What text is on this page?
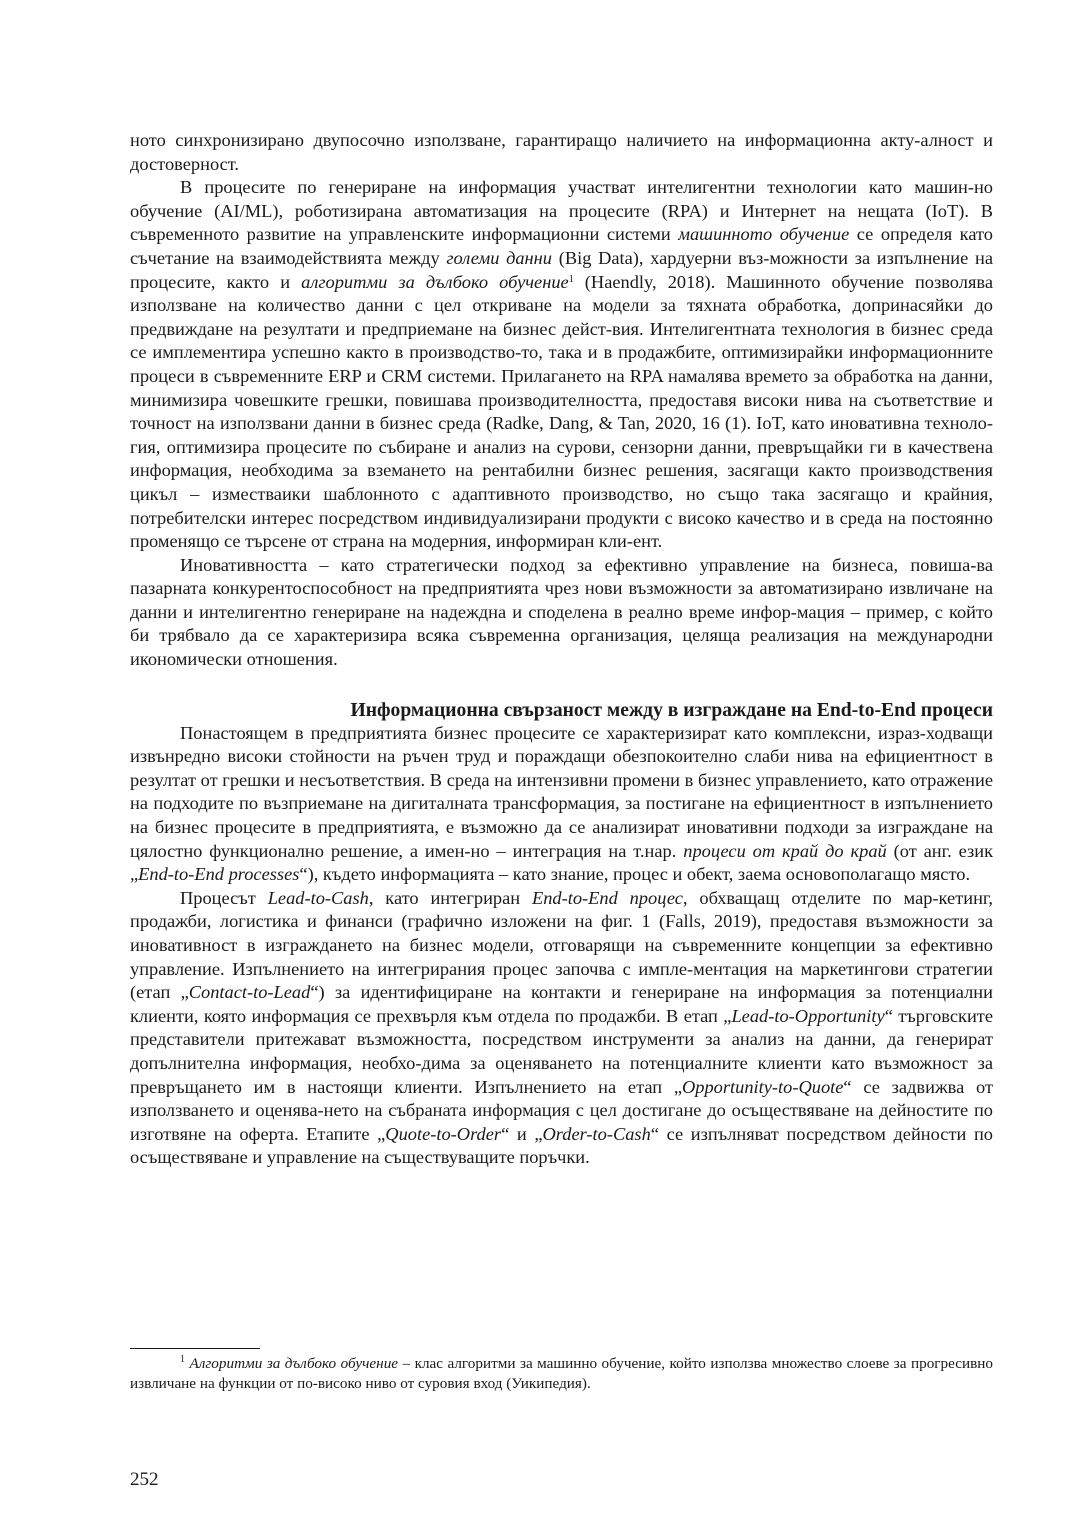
ното синхронизирано двупосочно използване, гарантиращо наличието на информационна акту-алност и достоверност.

В процесите по генериране на информация участват интелигентни технологии като машин-но обучение (AI/ML), роботизирана автоматизация на процесите (RPA) и Интернет на нещата (IoT). В съвременното развитие на управленските информационни системи машинното обучение се определя като съчетание на взаимодействията между големи данни (Big Data), хардуерни въз-можности за изпълнение на процесите, както и алгоритми за дълбоко обучение$^1$ (Haendly, 2018). Машинното обучение позволява използване на количество данни с цел откриване на модели за тяхната обработка, допринасяйки до предвиждане на резултати и предприемане на бизнес дейст-вия. Интелигентната технология в бизнес среда се имплементира успешно както в производство-то, така и в продажбите, оптимизирайки информационните процеси в съвременните ERP и CRM системи. Прилагането на RPA намалява времето за обработка на данни, минимизира човешките грешки, повишава производителността, предоставя високи нива на съответствие и точност на използвани данни в бизнес среда (Radke, Dang, & Tan, 2020, 16 (1). IoT, като иновативна техноло-гия, оптимизира процесите по събиране и анализ на сурови, сензорни данни, превръщайки ги в качествена информация, необходима за вземането на рентабилни бизнес решения, засягащи както производствения цикъл – изместваики шаблонното с адаптивното производство, но също така засягащо и крайния, потребителски интерес посредством индивидуализирани продукти с високо качество и в среда на постоянно променящо се търсене от страна на модерния, информиран кли-ент.

Иновативността – като стратегически подход за ефективно управление на бизнеса, повиша-ва пазарната конкурентоспособност на предприятията чрез нови възможности за автоматизирано извличане на данни и интелигентно генериране на надеждна и споделена в реално време инфор-мация – пример, с който би трябвало да се характеризира всяка съвременна организация, целяща реализация на международни икономически отношения.

Информационна свързаност между в изграждане на End-to-End процеси

Понастоящем в предприятията бизнес процесите се характеризират като комплексни, израз-ходващи извънредно високи стойности на ръчен труд и пораждащи обезпокоително слаби нива на ефициентност в резултат от грешки и несъответствия. В среда на интензивни промени в бизнес управлението, като отражение на подходите по възприемане на дигиталната трансформация, за постигане на ефициентност в изпълнението на бизнес процесите в предприятията, е възможно да се анализират иновативни подходи за изграждане на цялостно функционално решение, а имен-но – интеграция на т.нар. процеси от край до край (от анг. език „End-to-End processes“), където информацията – като знание, процес и обект, заема основополагащо място.

Процесът Lead-to-Cash, като интегриран End-to-End процес, обхващащ отделите по мар-кетинг, продажби, логистика и финанси (графично изложени на фиг. 1 (Falls, 2019), предоставя възможности за иновативност в изграждането на бизнес модели, отговарящи на съвременните концепции за ефективно управление. Изпълнението на интегрирания процес започва с импле-ментация на маркетингови стратегии (етап „Contact-to-Lead“) за идентифициране на контакти и генериране на информация за потенциални клиенти, която информация се прехвърля към отдела по продажби. В етап „Lead-to-Opportunity“ търговските представители притежават възможността, посредством инструменти за анализ на данни, да генерират допълнителна информация, необхо-дима за оценяването на потенциалните клиенти като възможност за превръщането им в настоящи клиенти. Изпълнението на етап „Opportunity-to-Quote“ се задвижва от използването и оценява-нето на събраната информация с цел достигане до осъществяване на дейностите по изготвяне на оферта. Етапите „Quote-to-Order“ и „Order-to-Cash“ се изпълняват посредством дейности по осъществяване и управление на съществуващите поръчки.

$^1$ Алгоритми за дълбоко обучение – клас алгоритми за машинно обучение, който използва множество слоеве за прогресивно извличане на функции от по-високо ниво от суровия вход (Уикипедия).

252
